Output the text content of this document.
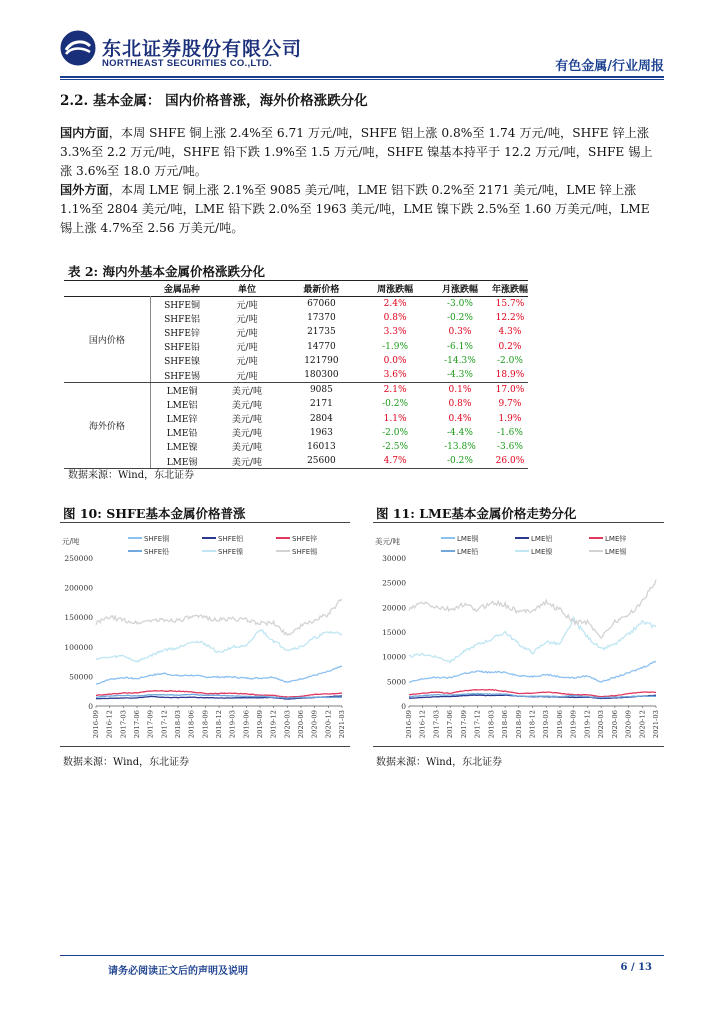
东北证券股份有限公司
NORTHEAST SECURITIES CO.,LTD.	有色金属/行业周报
2.2. 基本金属： 国内价格普涨，海外价格涨跌分化
国内方面，本周 SHFE 铜上涨 2.4%至 6.71 万元/吨，SHFE 铝上涨 0.8%至 1.74 万元/吨，SHFE 锌上涨 3.3%至 2.2 万元/吨，SHFE 铅下跌 1.9%至 1.5 万元/吨，SHFE 镍基本持平于 12.2 万元/吨，SHFE 锡上涨 3.6%至 18.0 万元/吨。
国外方面，本周 LME 铜上涨 2.1%至 9085 美元/吨，LME 铝下跌 0.2%至 2171 美元/吨，LME 锌上涨 1.1%至 2804 美元/吨，LME 铅下跌 2.0%至 1963 美元/吨，LME 镍下跌 2.5%至 1.60 万美元/吨，LME 锡上涨 4.7%至 2.56 万美元/吨。
表 2: 海内外基本金属价格涨跌分化
	金属品种	单位	最新价格	周涨跌幅	月涨跌幅	年涨跌幅	
国内价格	SHFE铜	元/吨	67060	2.4%	-3.0%	15.7%	
	SHFE铝	元/吨	17370	0.8%	-0.2%	12.2%	
	SHFE锌	元/吨	21735	3.3%	0.3%	4.3%	
	SHFE铅	元/吨	14770	-1.9%	-6.1%	0.2%	
	SHFE镍	元/吨	121790	0.0%	-14.3%	-2.0%	
	SHFE锡	元/吨	180300	3.6%	-4.3%	18.9%	
海外价格	LME铜	美元/吨	9085	2.1%	0.1%	17.0%	
	LME铝	美元/吨	2171	-0.2%	0.8%	9.7%	
	LME锌	美元/吨	2804	1.1%	0.4%	1.9%	
	LME铅	美元/吨	1963	-2.0%	-4.4%	-1.6%	
	LME镍	美元/吨	16013	-2.5%	-13.8%	-3.6%	
	LME锡	美元/吨	25600	4.7%	-0.2%	26.0%	
数据来源：Wind，东北证券
图 10: SHFE基本金属价格普涨	图 11: LME基本金属价格走势分化
元/吨	SHFE铜	SHFE铝	SHFE锌
SHFE铅	SHFE镍	SHFE锡
0
50000
100000
150000
200000
250000
2016-09 2016-12 2017-03 2017-06 2017-09 2017-12 2018-03 2018-06 2018-09 2018-12 2019-03 2019-06 2019-09 2019-12 2020-03 2020-06 2020-09 2020-12 2021-03
美元/吨	LME铜	LME铝	LME锌
LME铅	LME镍	LME锡
0
5000
10000
15000
20000
25000
30000
2016-09 2016-12 2017-03 2017-06 2017-09 2017-12 2018-03 2018-06 2018-09 2018-12 2019-03 2019-06 2019-09 2019-12 2020-03 2020-06 2020-09 2020-12 2021-03
数据来源：Wind，东北证券	数据来源：Wind，东北证券
请务必阅读正文后的声明及说明	6 / 13
